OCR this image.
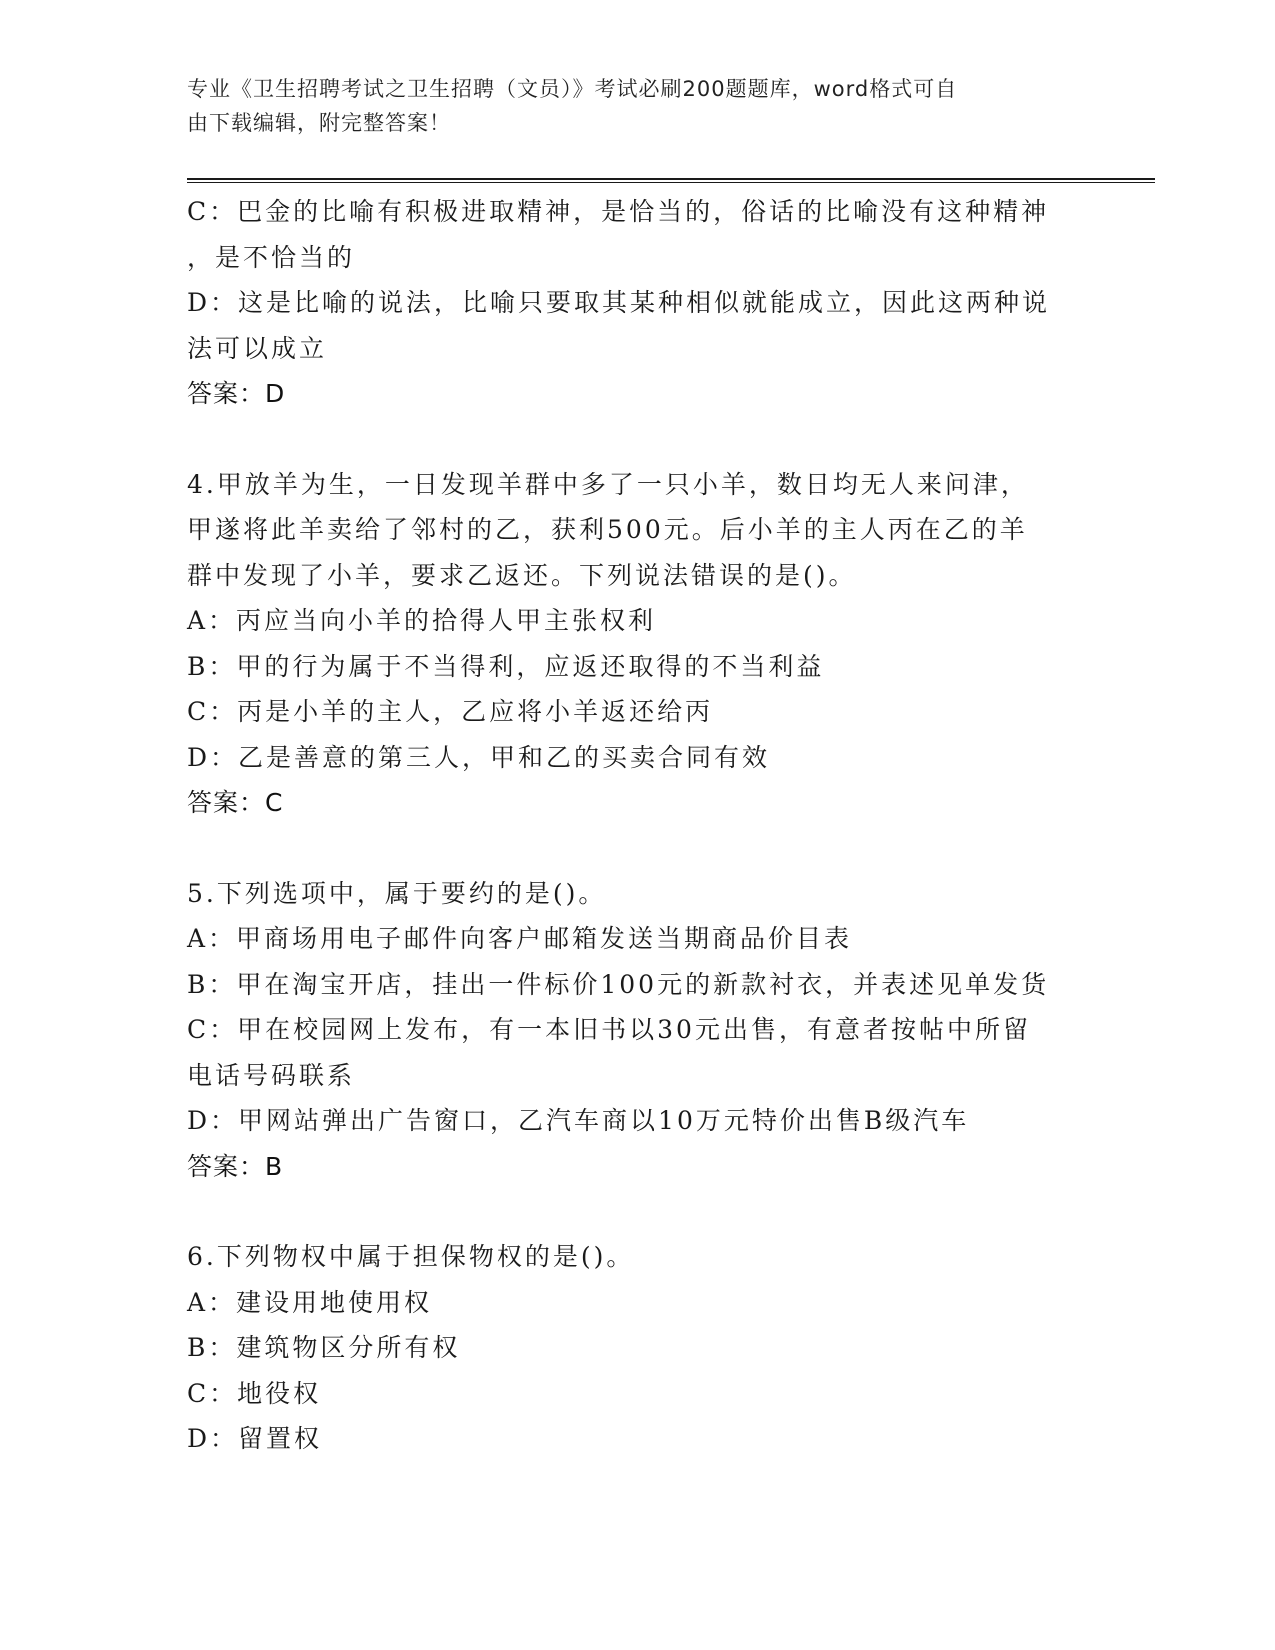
专业《卫生招聘考试之卫生招聘（文员）》考试必刷200题题库，word格式可自
由下载编辑，附完整答案！
C：巴金的比喻有积极进取精神，是恰当的，俗话的比喻没有这种精神
，是不恰当的
D：这是比喻的说法，比喻只要取其某种相似就能成立，因此这两种说
法可以成立
答案：D
4.甲放羊为生，一日发现羊群中多了一只小羊，数日均无人来问津，
甲遂将此羊卖给了邻村的乙，获利500元。后小羊的主人丙在乙的羊
群中发现了小羊，要求乙返还。下列说法错误的是()。
A：丙应当向小羊的拾得人甲主张权利
B：甲的行为属于不当得利，应返还取得的不当利益
C：丙是小羊的主人，乙应将小羊返还给丙
D：乙是善意的第三人，甲和乙的买卖合同有效
答案：C
5.下列选项中，属于要约的是()。
A：甲商场用电子邮件向客户邮箱发送当期商品价目表
B：甲在淘宝开店，挂出一件标价100元的新款衬衣，并表述见单发货
C：甲在校园网上发布，有一本旧书以30元出售，有意者按帖中所留
电话号码联系
D：甲网站弹出广告窗口，乙汽车商以10万元特价出售B级汽车
答案：B
6.下列物权中属于担保物权的是()。
A：建设用地使用权
B：建筑物区分所有权
C：地役权
D：留置权
